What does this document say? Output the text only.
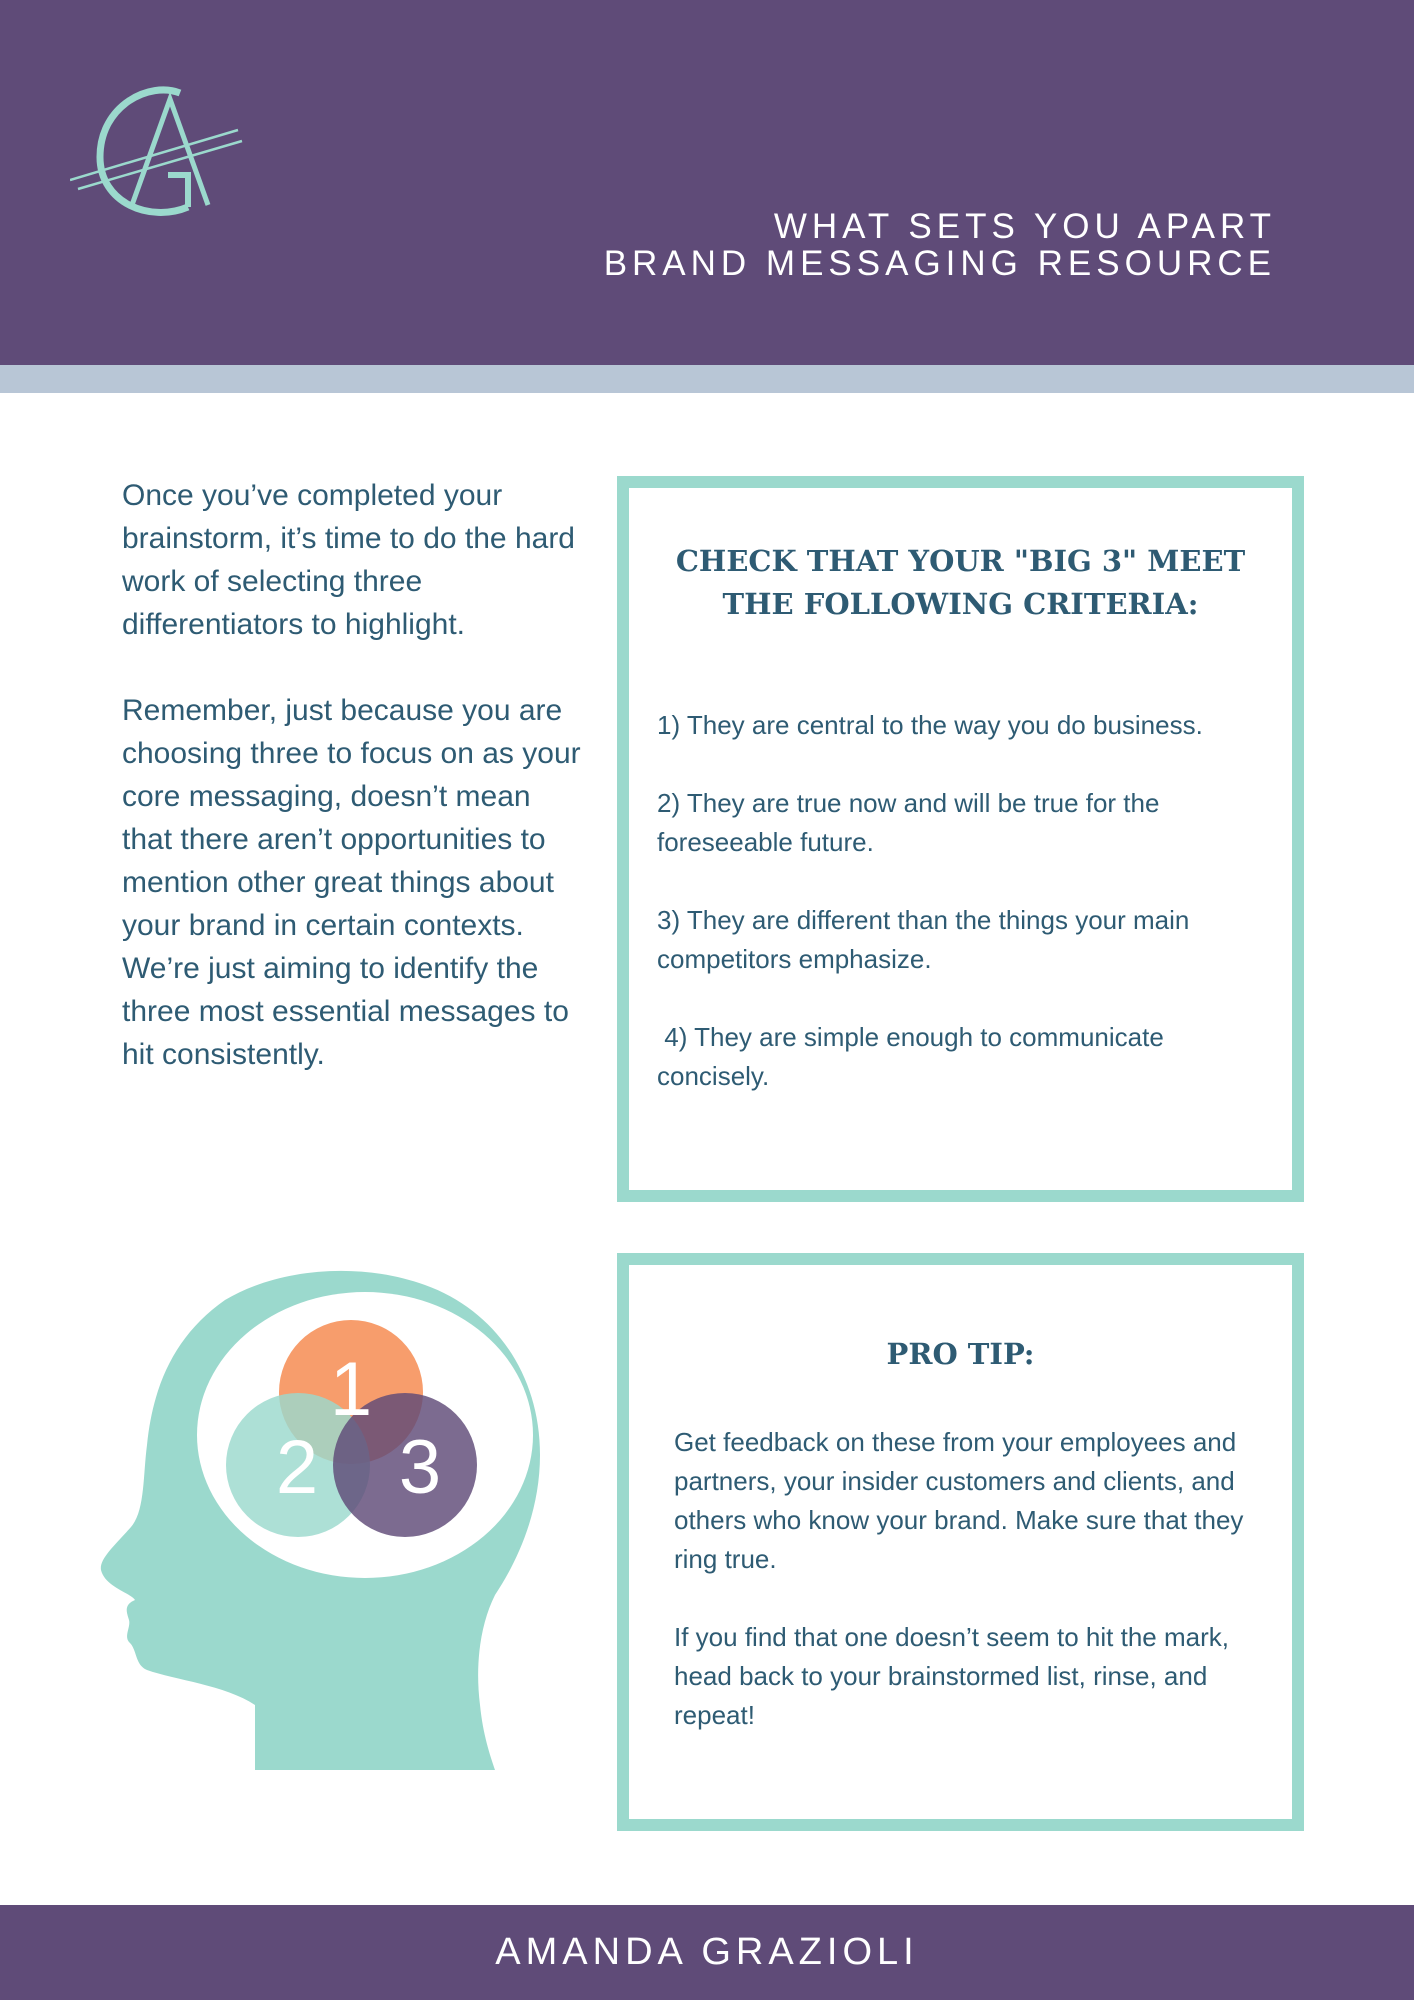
WHAT SETS YOU APART
BRAND MESSAGING RESOURCE

Once you’ve completed your brainstorm, it’s time to do the hard work of selecting three differentiators to highlight.

Remember, just because you are choosing three to focus on as your core messaging, doesn’t mean that there aren’t opportunities to mention other great things about your brand in certain contexts. We’re just aiming to identify the three most essential messages to hit consistently.

CHECK THAT YOUR "BIG 3" MEET THE FOLLOWING CRITERIA:

1) They are central to the way you do business.

2) They are true now and will be true for the foreseeable future.

3) They are different than the things your main competitors emphasize.

4) They are simple enough to communicate concisely.

1
2 3
PRO TIP:

Get feedback on these from your employees and partners, your insider customers and clients, and others who know your brand. Make sure that they ring true.

If you find that one doesn’t seem to hit the mark, head back to your brainstormed list, rinse, and repeat!

AMANDA GRAZIOLI
